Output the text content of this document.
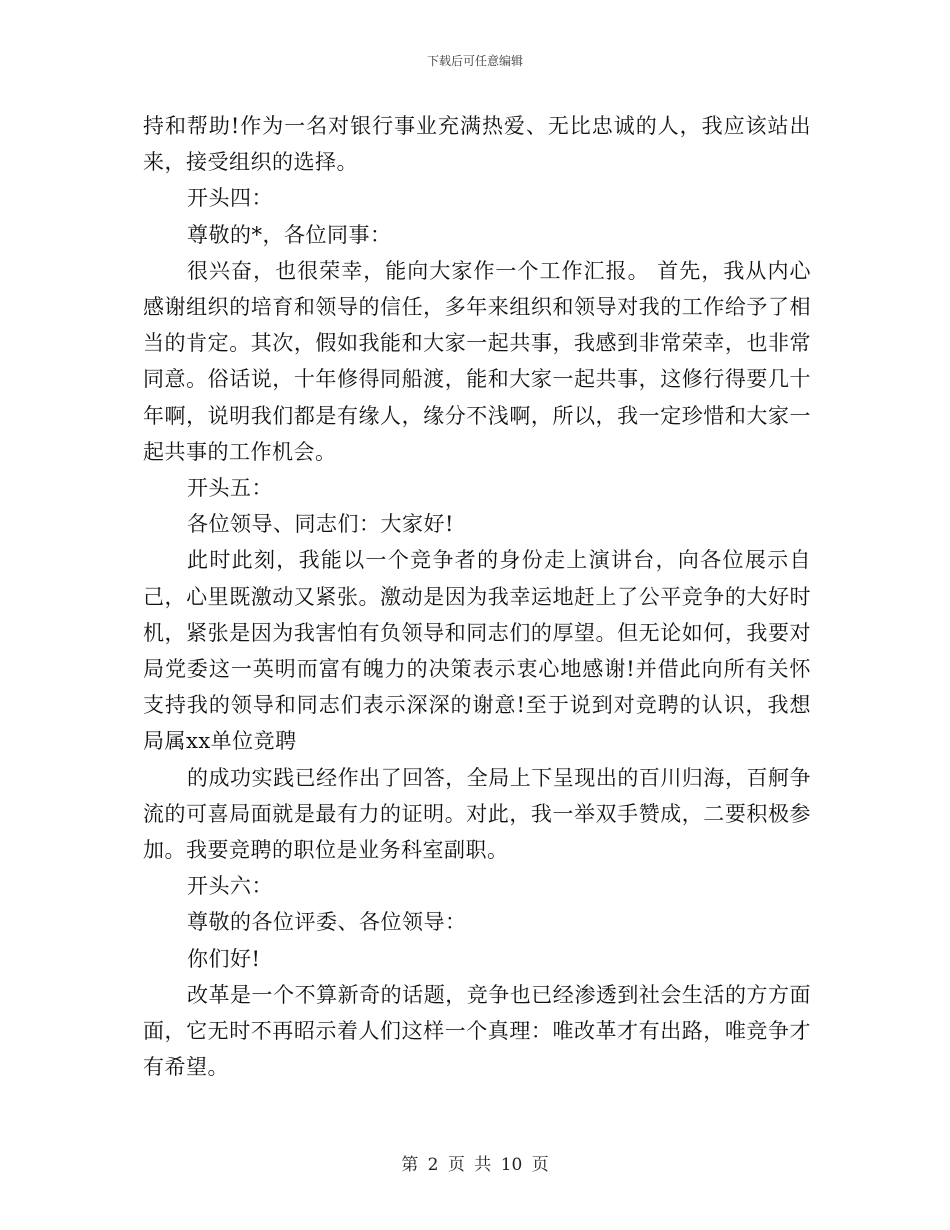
下载后可任意编辑

持和帮助!作为一名对银行事业充满热爱、无比忠诚的人，我应该站出来，接受组织的选择。

开头四：

尊敬的*，各位同事：

很兴奋，也很荣幸，能向大家作一个工作汇报。 首先，我从内心感谢组织的培育和领导的信任，多年来组织和领导对我的工作给予了相当的肯定。其次，假如我能和大家一起共事，我感到非常荣幸，也非常同意。俗话说，十年修得同船渡，能和大家一起共事，这修行得要几十年啊，说明我们都是有缘人，缘分不浅啊，所以，我一定珍惜和大家一起共事的工作机会。

开头五：

各位领导、同志们：大家好!

此时此刻，我能以一个竞争者的身份走上演讲台，向各位展示自己，心里既激动又紧张。激动是因为我幸运地赶上了公平竞争的大好时机，紧张是因为我害怕有负领导和同志们的厚望。但无论如何，我要对局党委这一英明而富有魄力的决策表示衷心地感谢!并借此向所有关怀支持我的领导和同志们表示深深的谢意!至于说到对竞聘的认识，我想局属xx单位竞聘

的成功实践已经作出了回答，全局上下呈现出的百川归海，百舸争流的可喜局面就是最有力的证明。对此，我一举双手赞成，二要积极参加。我要竞聘的职位是业务科室副职。

开头六：

尊敬的各位评委、各位领导：

你们好!

改革是一个不算新奇的话题，竞争也已经渗透到社会生活的方方面面，它无时不再昭示着人们这样一个真理：唯改革才有出路，唯竞争才有希望。

第 2 页 共 10 页
